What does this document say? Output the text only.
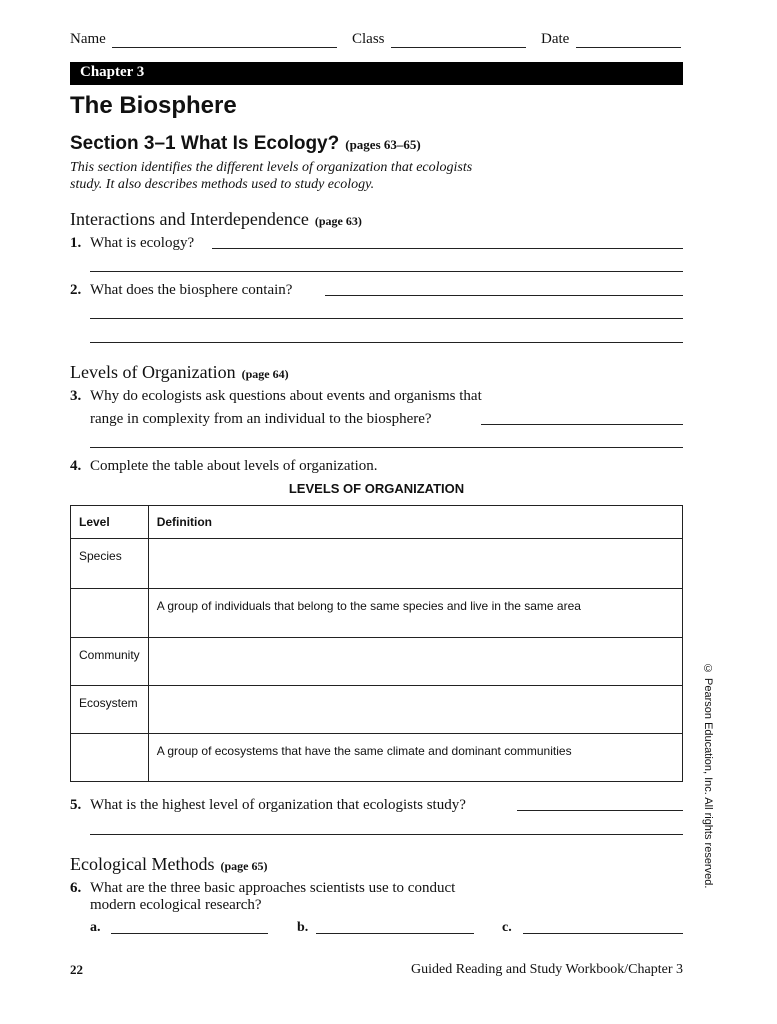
Name	Class	Date
Chapter 3
The Biosphere
Section 3–1 What Is Ecology? (pages 63–65)
This section identifies the different levels of organization that ecologists
study. It also describes methods used to study ecology.
Interactions and Interdependence (page 63)
1. What is ecology?
2. What does the biosphere contain?
Levels of Organization (page 64)
3. Why do ecologists ask questions about events and organisms that
range in complexity from an individual to the biosphere?
4. Complete the table about levels of organization.
LEVELS OF ORGANIZATION
Level	Definition
Species	
	A group of individuals that belong to the same species and live in the same area
Community	
Ecosystem	
	A group of ecosystems that have the same climate and dominant communities
5. What is the highest level of organization that ecologists study?
Ecological Methods (page 65)
6. What are the three basic approaches scientists use to conduct
modern ecological research?
a.	b.	c.
© Pearson Education, Inc. All rights reserved.
22	Guided Reading and Study Workbook/Chapter 3
